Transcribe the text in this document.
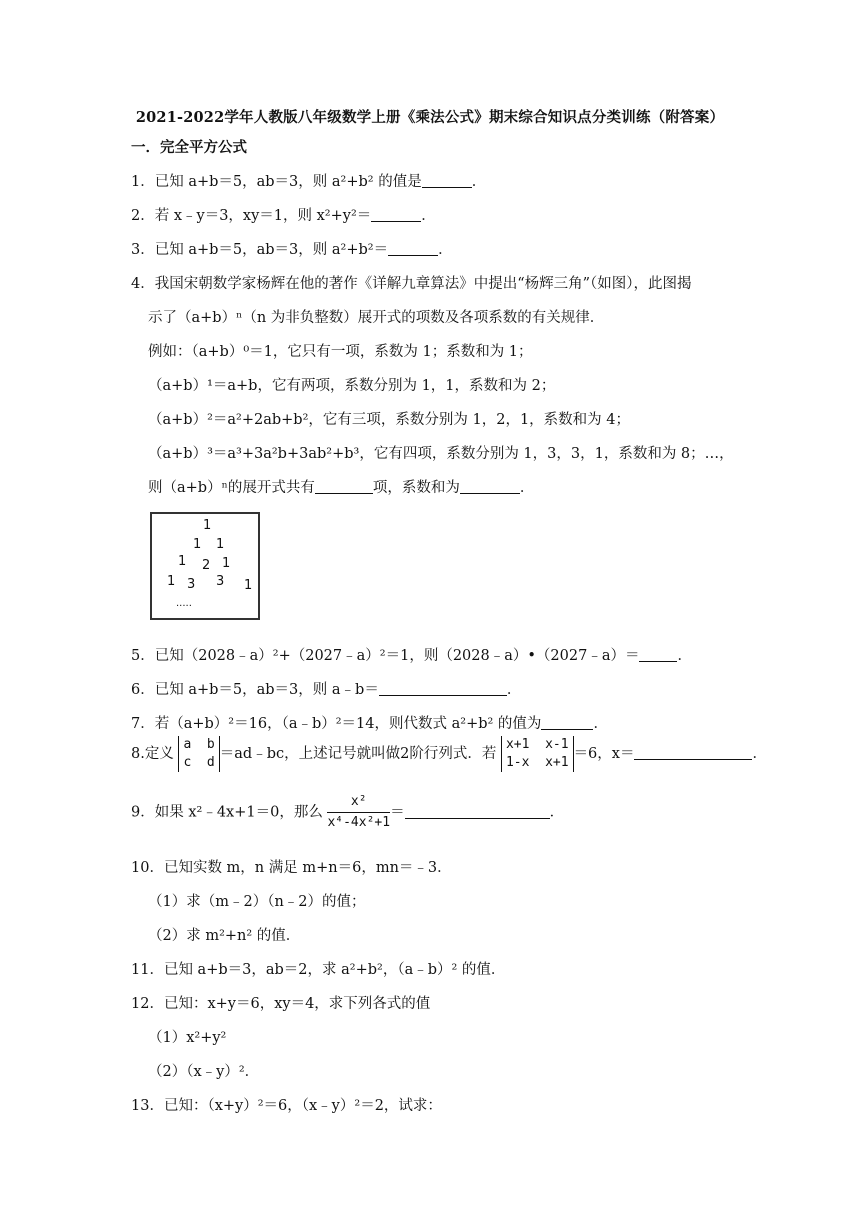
2021-2022学年人教版八年级数学上册《乘法公式》期末综合知识点分类训练（附答案）
一．完全平方公式
1．已知 a+b＝5，ab＝3，则 a²+b² 的值是	．
2．若 x﹣y＝3，xy＝1，则 x²+y²＝	．
3．已知 a+b＝5，ab＝3，则 a²+b²＝	．
4．我国宋朝数学家杨辉在他的著作《详解九章算法》中提出“杨辉三角”（如图），此图揭
示了（a+b）ⁿ（n 为非负整数）展开式的项数及各项系数的有关规律．
例如：（a+b）⁰＝1，它只有一项，系数为 1；系数和为 1；
（a+b）¹＝a+b，它有两项，系数分别为 1，1，系数和为 2；
（a+b）²＝a²+2ab+b²，它有三项，系数分别为 1，2，1，系数和为 4；
（a+b）³＝a³+3a²b+3ab²+b³，它有四项，系数分别为 1，3，3，1，系数和为 8；…，
则（a+b）ⁿ的展开式共有	项，系数和为	．
1
1 1
1 2 1
1 3 3 1
.....
5．已知（2028﹣a）²+（2027﹣a）²＝1，则（2028﹣a）•（2027﹣a）＝	．
6．已知 a+b＝5，ab＝3，则 a﹣b＝	．
7．若（a+b）²＝16，（a﹣b）²＝14，则代数式 a²+b² 的值为	．
8.定义
a  b
c  d
＝ad﹣bc，上述记号就叫做2阶行列式．若
x+1  x-1
1-x  x+1
＝6，x＝	．
9．如果 x²﹣4x+1＝0，那么 $\frac{\text{x²}}{\text{x⁴-4x²+1}}$ ＝	．
10．已知实数 m，n 满足 m+n＝6，mn＝﹣3．
（1）求（m﹣2）（n﹣2）的值；
（2）求 m²+n² 的值．
11．已知 a+b＝3，ab＝2，求 a²+b²，（a﹣b）² 的值．
12．已知：x+y＝6，xy＝4，求下列各式的值
（1）x²+y²
（2）（x﹣y）²．
13．已知：（x+y）²＝6，（x﹣y）²＝2，试求：
